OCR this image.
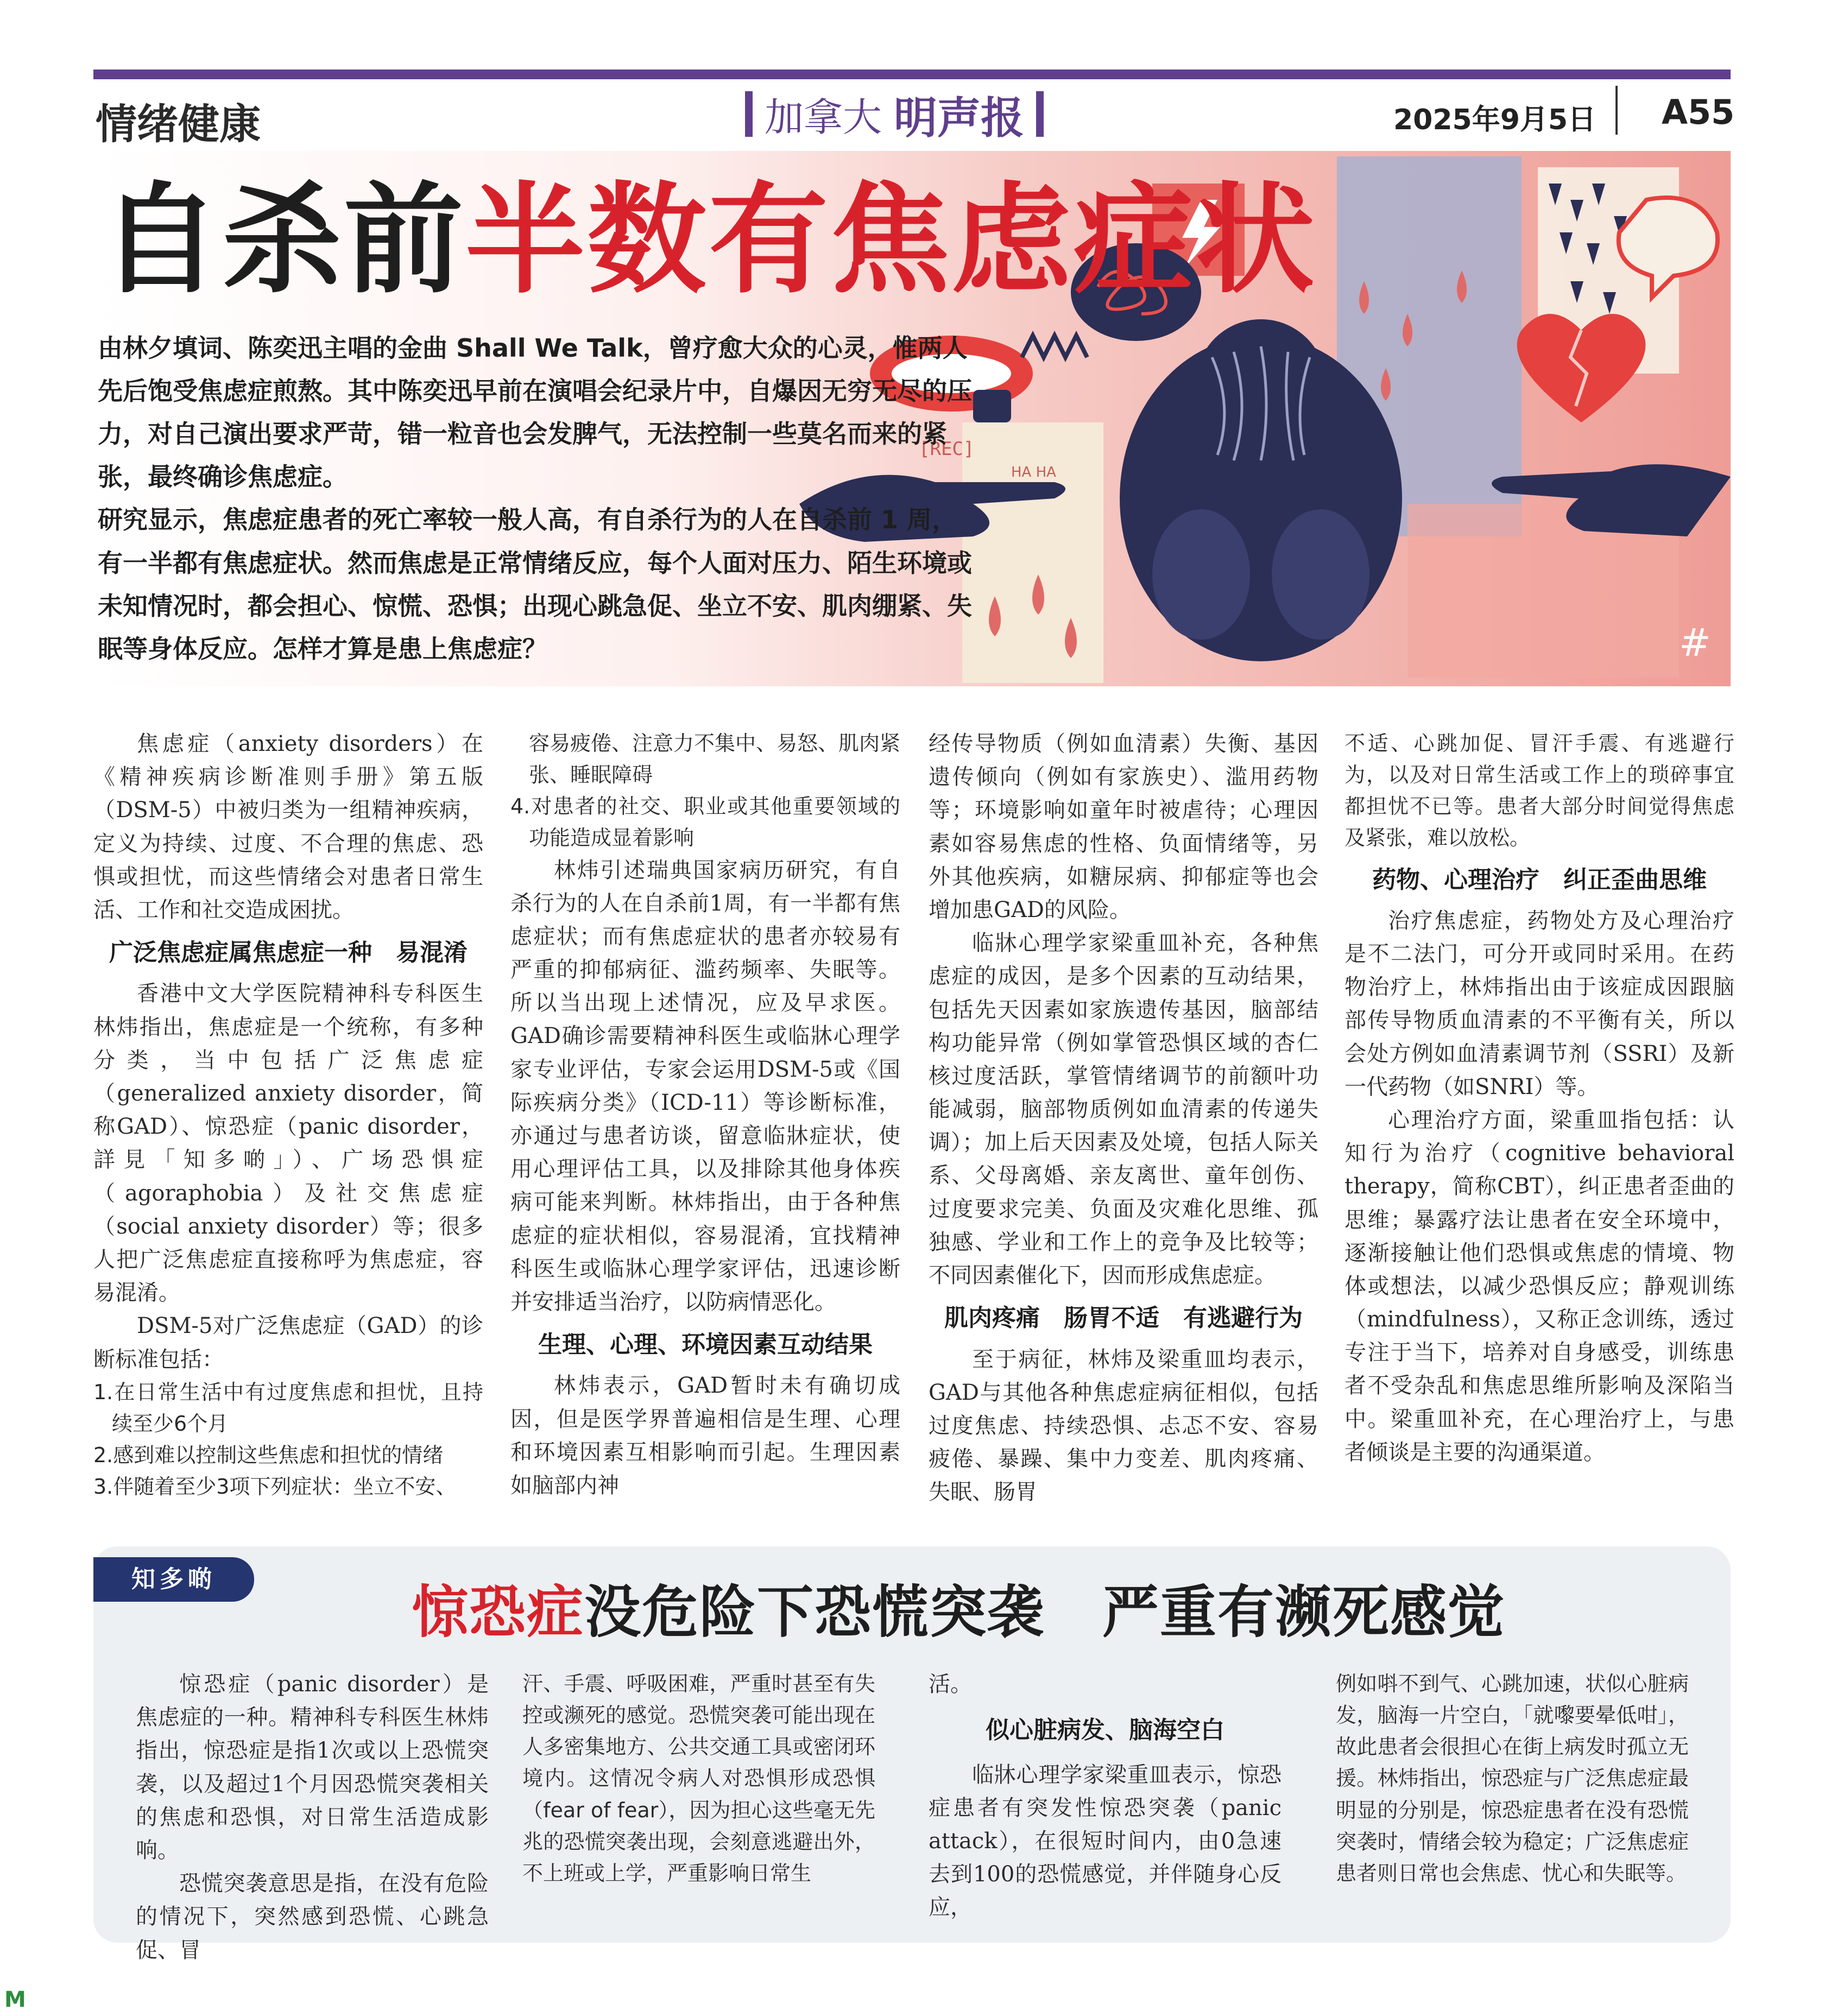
情绪健康	加拿大 明声报	2025年9月5日 A55
[REC]
HA HA
#
自杀前半数有焦虑症状

由林夕填词、陈奕迅主唱的金曲 Shall We Talk，曾疗愈大众的心灵，惟两人先后饱受焦虑症煎熬。其中陈奕迅早前在演唱会纪录片中，自爆因无穷无尽的压力，对自己演出要求严苛，错一粒音也会发脾气，无法控制一些莫名而来的紧张，最终确诊焦虑症。

研究显示，焦虑症患者的死亡率较一般人高，有自杀行为的人在自杀前 1 周，有一半都有焦虑症状。然而焦虑是正常情绪反应，每个人面对压力、陌生环境或未知情况时，都会担心、惊慌、恐惧；出现心跳急促、坐立不安、肌肉绷紧、失眠等身体反应。怎样才算是患上焦虑症？

焦虑症（anxiety disorders）在《精神疾病诊断准则手册》第五版（DSM-5）中被归类为一组精神疾病，定义为持续、过度、不合理的焦虑、恐惧或担忧，而这些情绪会对患者日常生活、工作和社交造成困扰。

广泛焦虑症属焦虑症一种　易混淆

香港中文大学医院精神科专科医生林炜指出，焦虑症是一个统称，有多种分类，当中包括广泛焦虑症（generalized anxiety disorder，简称GAD）、惊恐症（panic disorder，詳見「知多啲」）、广场恐惧症（agoraphobia）及社交焦虑症（social anxiety disorder）等；很多人把广泛焦虑症直接称呼为焦虑症，容易混淆。

DSM-5对广泛焦虑症（GAD）的诊断标准包括：

1.在日常生活中有过度焦虑和担忧，且持续至少6个月

2.感到难以控制这些焦虑和担忧的情绪

3.伴随着至少3项下列症状：坐立不安、

容易疲倦、注意力不集中、易怒、肌肉紧张、睡眠障碍

4.对患者的社交、职业或其他重要领域的功能造成显着影响

林炜引述瑞典国家病历研究，有自杀行为的人在自杀前1周，有一半都有焦虑症状；而有焦虑症状的患者亦较易有严重的抑郁病征、滥药频率、失眠等。所以当出现上述情况，应及早求医。GAD确诊需要精神科医生或临牀心理学家专业评估，专家会运用DSM-5或《国际疾病分类》（ICD-11）等诊断标准，亦通过与患者访谈，留意临牀症状，使用心理评估工具，以及排除其他身体疾病可能来判断。林炜指出，由于各种焦虑症的症状相似，容易混淆，宜找精神科医生或临牀心理学家评估，迅速诊断并安排适当治疗，以防病情恶化。

生理、心理、环境因素互动结果

林炜表示，GAD暂时未有确切成因，但是医学界普遍相信是生理、心理和环境因素互相影响而引起。生理因素如脑部内神

经传导物质（例如血清素）失衡、基因遗传倾向（例如有家族史）、滥用药物等；环境影响如童年时被虐待；心理因素如容易焦虑的性格、负面情绪等，另外其他疾病，如糖尿病、抑郁症等也会增加患GAD的风险。

临牀心理学家梁重皿补充，各种焦虑症的成因，是多个因素的互动结果，包括先天因素如家族遗传基因，脑部结构功能异常（例如掌管恐惧区域的杏仁核过度活跃，掌管情绪调节的前额叶功能减弱，脑部物质例如血清素的传递失调）；加上后天因素及处境，包括人际关系、父母离婚、亲友离世、童年创伤、过度要求完美、负面及灾难化思维、孤独感、学业和工作上的竞争及比较等；不同因素催化下，因而形成焦虑症。

肌肉疼痛　肠胃不适　有逃避行为

至于病征，林炜及梁重皿均表示，GAD与其他各种焦虑症病征相似，包括过度焦虑、持续恐惧、忐忑不安、容易疲倦、暴躁、集中力变差、肌肉疼痛、失眠、肠胃

不适、心跳加促、冒汗手震、有逃避行为，以及对日常生活或工作上的琐碎事宜都担忧不已等。患者大部分时间觉得焦虑及紧张，难以放松。

药物、心理治疗　纠正歪曲思维

治疗焦虑症，药物处方及心理治疗是不二法门，可分开或同时采用。在药物治疗上，林炜指出由于该症成因跟脑部传导物质血清素的不平衡有关，所以会处方例如血清素调节剂（SSRI）及新一代药物（如SNRI）等。

心理治疗方面，梁重皿指包括：认知行为治疗（cognitive behavioral therapy，简称CBT），纠正患者歪曲的思维；暴露疗法让患者在安全环境中，逐渐接触让他们恐惧或焦虑的情境、物体或想法，以减少恐惧反应；静观训练（mindfulness），又称正念训练，透过专注于当下，培养对自身感受，训练患者不受杂乱和焦虑思维所影响及深陷当中。梁重皿补充，在心理治疗上，与患者倾谈是主要的沟通渠道。

知多啲	惊恐症没危险下恐慌突袭　严重有濒死感觉

惊恐症（panic disorder）是焦虑症的一种。精神科专科医生林炜指出，惊恐症是指1次或以上恐慌突袭，以及超过1个月因恐慌突袭相关的焦虑和恐惧，对日常生活造成影响。

恐慌突袭意思是指，在没有危险的情况下，突然感到恐慌、心跳急促、冒

汗、手震、呼吸困难，严重时甚至有失控或濒死的感觉。恐慌突袭可能出现在人多密集地方、公共交通工具或密闭环境内。这情况令病人对恐惧形成恐惧（fear of fear），因为担心这些毫无先兆的恐慌突袭出现，会刻意逃避出外，不上班或上学，严重影响日常生

活。

似心脏病发、脑海空白

临牀心理学家梁重皿表示，惊恐症患者有突发性惊恐突袭（panic attack），在很短时间内，由0急速去到100的恐慌感觉，并伴随身心反应，

例如唞不到气、心跳加速，状似心脏病发，脑海一片空白，「就嚟要晕低咁」，故此患者会很担心在街上病发时孤立无援。林炜指出，惊恐症与广泛焦虑症最明显的分别是，惊恐症患者在没有恐慌突袭时，情绪会较为稳定；广泛焦虑症患者则日常也会焦虑、忧心和失眠等。

M
